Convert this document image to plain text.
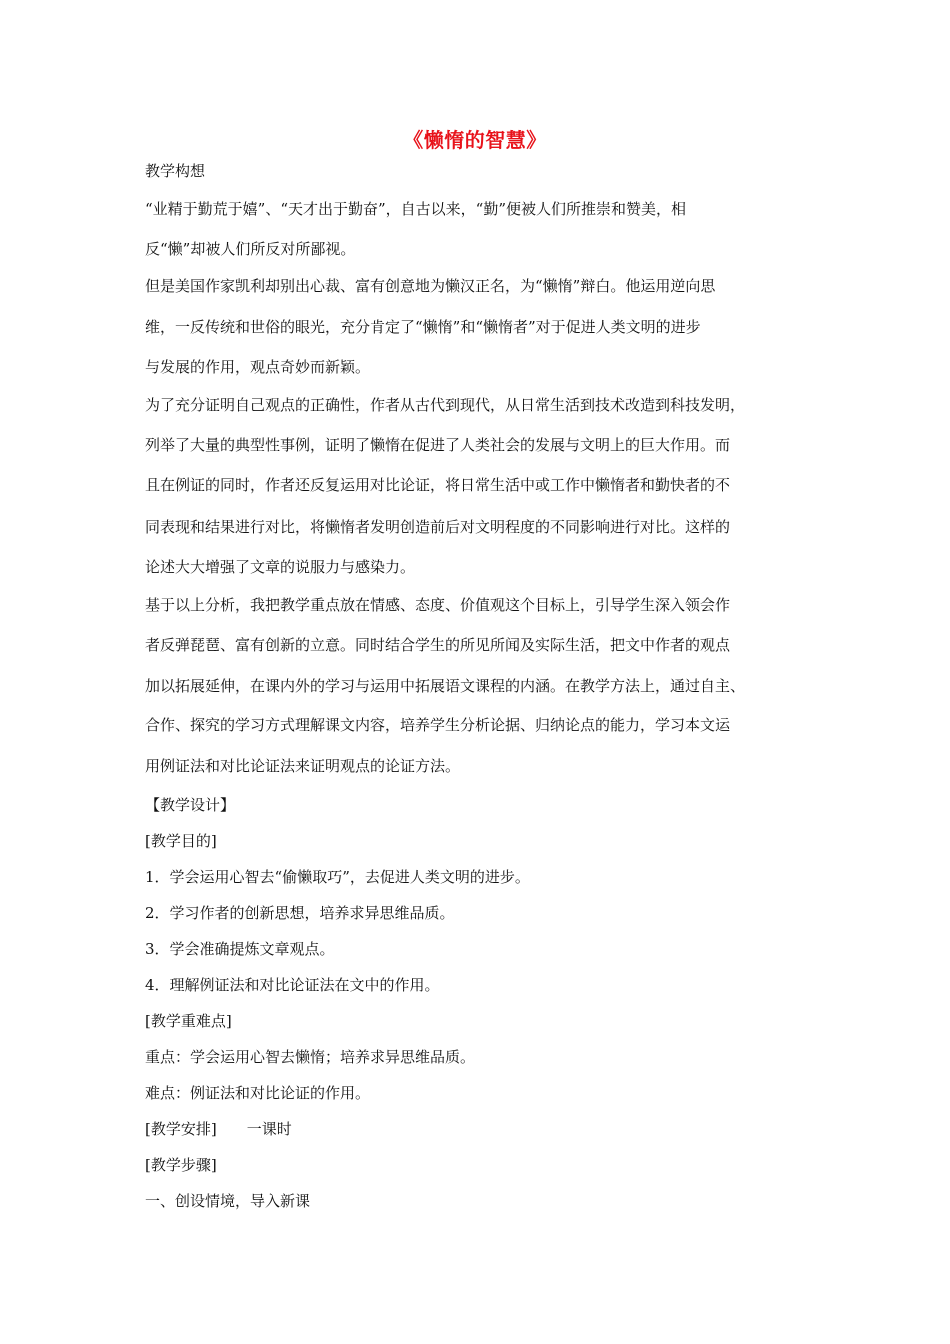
《懒惰的智慧》
教学构想
“业精于勤荒于嬉”、“天才出于勤奋”，自古以来，“勤”便被人们所推崇和赞美，相
反“懒”却被人们所反对所鄙视。
但是美国作家凯利却别出心裁、富有创意地为懒汉正名，为“懒惰”辩白。他运用逆向思
维，一反传统和世俗的眼光，充分肯定了“懒惰”和“懒惰者”对于促进人类文明的进步
与发展的作用，观点奇妙而新颖。
为了充分证明自己观点的正确性，作者从古代到现代，从日常生活到技术改造到科技发明，
列举了大量的典型性事例，证明了懒惰在促进了人类社会的发展与文明上的巨大作用。而
且在例证的同时，作者还反复运用对比论证，将日常生活中或工作中懒惰者和勤快者的不
同表现和结果进行对比，将懒惰者发明创造前后对文明程度的不同影响进行对比。这样的
论述大大增强了文章的说服力与感染力。
基于以上分析，我把教学重点放在情感、态度、价值观这个目标上，引导学生深入领会作
者反弹琵琶、富有创新的立意。同时结合学生的所见所闻及实际生活，把文中作者的观点
加以拓展延伸，在课内外的学习与运用中拓展语文课程的内涵。在教学方法上，通过自主、
合作、探究的学习方式理解课文内容，培养学生分析论据、归纳论点的能力，学习本文运
用例证法和对比论证法来证明观点的论证方法。
【教学设计】
[教学目的]
1．学会运用心智去“偷懒取巧”，去促进人类文明的进步。
2．学习作者的创新思想，培养求异思维品质。
3．学会准确提炼文章观点。
4．理解例证法和对比论证法在文中的作用。
[教学重难点]
重点：学会运用心智去懒惰；培养求异思维品质。
难点：例证法和对比论证的作用。
[教学安排]　　一课时
[教学步骤]
一、创设情境，导入新课
